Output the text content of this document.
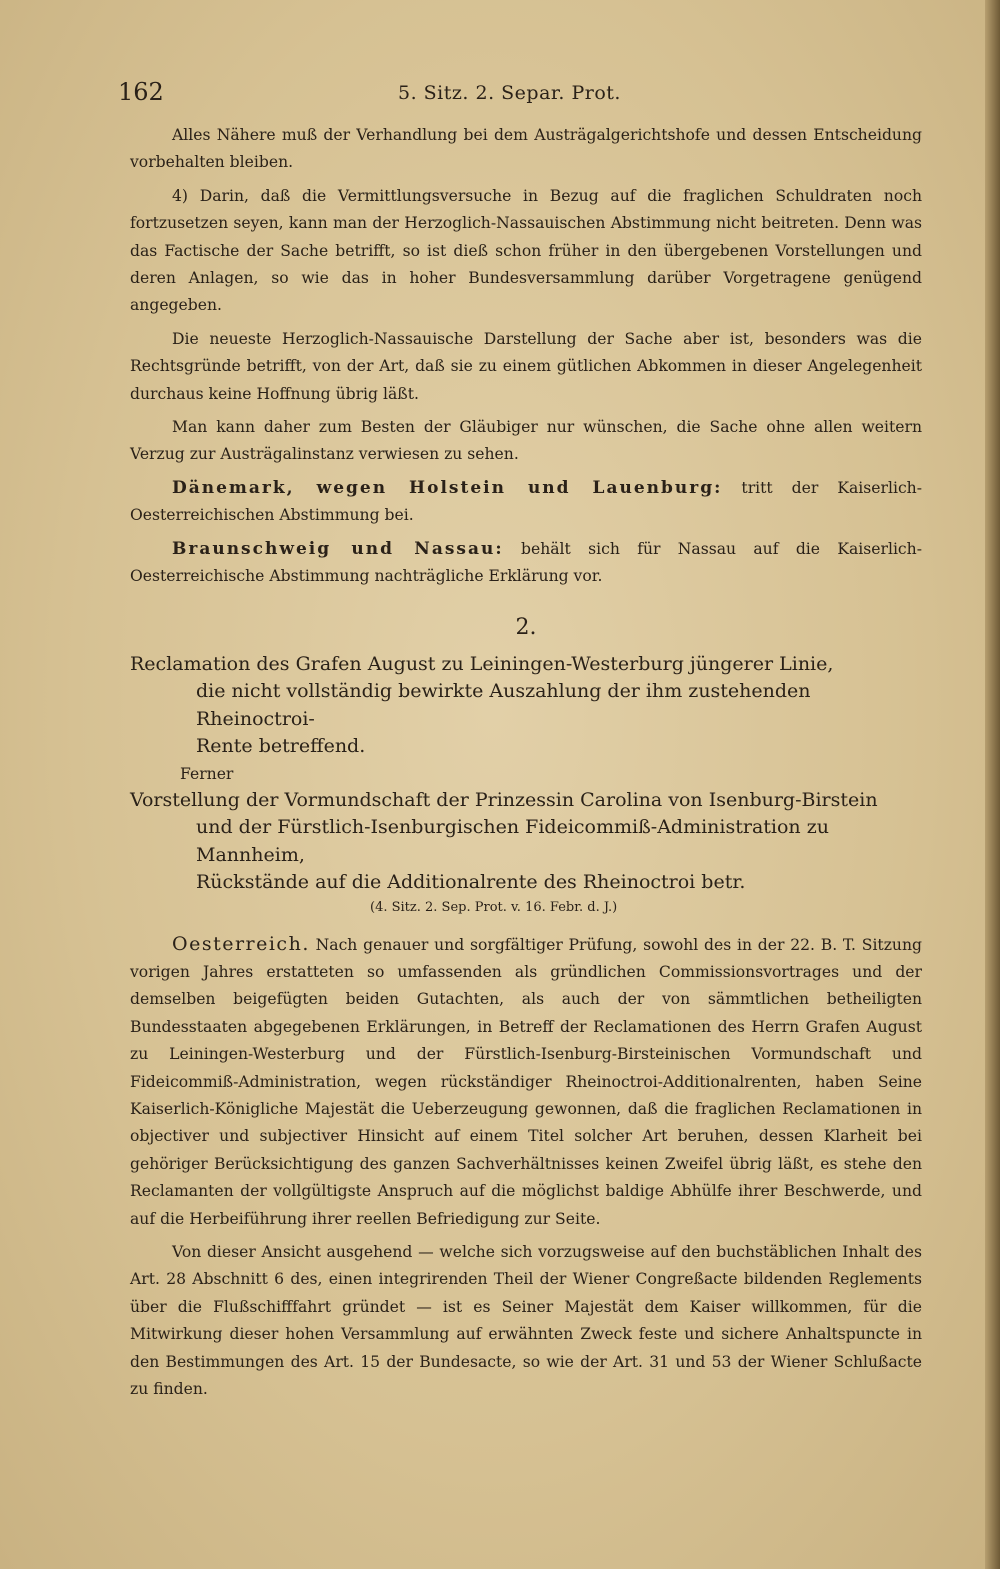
162	5. Sitz. 2. Separ. Prot.

Alles Nähere muß der Verhandlung bei dem Austrägalgerichtshofe und dessen Entscheidung vorbehalten bleiben.

4) Darin, daß die Vermittlungsversuche in Bezug auf die fraglichen Schuldraten noch fortzusetzen seyen, kann man der Herzoglich-Nassauischen Abstimmung nicht beitreten. Denn was das Factische der Sache betrifft, so ist dieß schon früher in den übergebenen Vorstellungen und deren Anlagen, so wie das in hoher Bundesversammlung darüber Vorgetragene genügend angegeben.

Die neueste Herzoglich-Nassauische Darstellung der Sache aber ist, besonders was die Rechtsgründe betrifft, von der Art, daß sie zu einem gütlichen Abkommen in dieser Angelegenheit durchaus keine Hoffnung übrig läßt.

Man kann daher zum Besten der Gläubiger nur wünschen, die Sache ohne allen weitern Verzug zur Austrägalinstanz verwiesen zu sehen.

Dänemark, wegen Holstein und Lauenburg: tritt der Kaiserlich-Oesterreichischen Abstimmung bei.

Braunschweig und Nassau: behält sich für Nassau auf die Kaiserlich-Oesterreichische Abstimmung nachträgliche Erklärung vor.

2.
Reclamation des Grafen August zu Leiningen-Westerburg jüngerer Linie,
die nicht vollständig bewirkte Auszahlung der ihm zustehenden Rheinoctroi-
Rente betreffend.
Ferner
Vorstellung der Vormundschaft der Prinzessin Carolina von Isenburg-Birstein
und der Fürstlich-Isenburgischen Fideicommiß-Administration zu Mannheim,
Rückstände auf die Additionalrente des Rheinoctroi betr.
(4. Sitz. 2. Sep. Prot. v. 16. Febr. d. J.)

Oesterreich. Nach genauer und sorgfältiger Prüfung, sowohl des in der 22. B. T. Sitzung vorigen Jahres erstatteten so umfassenden als gründlichen Commissionsvortrages und der demselben beigefügten beiden Gutachten, als auch der von sämmtlichen betheiligten Bundesstaaten abgegebenen Erklärungen, in Betreff der Reclamationen des Herrn Grafen August zu Leiningen-Westerburg und der Fürstlich-Isenburg-Birsteinischen Vormundschaft und Fideicommiß-Administration, wegen rückständiger Rheinoctroi-Additionalrenten, haben Seine Kaiserlich-Königliche Majestät die Ueberzeugung gewonnen, daß die fraglichen Reclamationen in objectiver und subjectiver Hinsicht auf einem Titel solcher Art beruhen, dessen Klarheit bei gehöriger Berücksichtigung des ganzen Sachverhältnisses keinen Zweifel übrig läßt, es stehe den Reclamanten der vollgültigste Anspruch auf die möglichst baldige Abhülfe ihrer Beschwerde, und auf die Herbeiführung ihrer reellen Befriedigung zur Seite.

Von dieser Ansicht ausgehend — welche sich vorzugsweise auf den buchstäblichen Inhalt des Art. 28 Abschnitt 6 des, einen integrirenden Theil der Wiener Congreßacte bildenden Reglements über die Flußschifffahrt gründet — ist es Seiner Majestät dem Kaiser willkommen, für die Mitwirkung dieser hohen Versammlung auf erwähnten Zweck feste und sichere Anhaltspuncte in den Bestimmungen des Art. 15 der Bundesacte, so wie der Art. 31 und 53 der Wiener Schlußacte zu finden.
